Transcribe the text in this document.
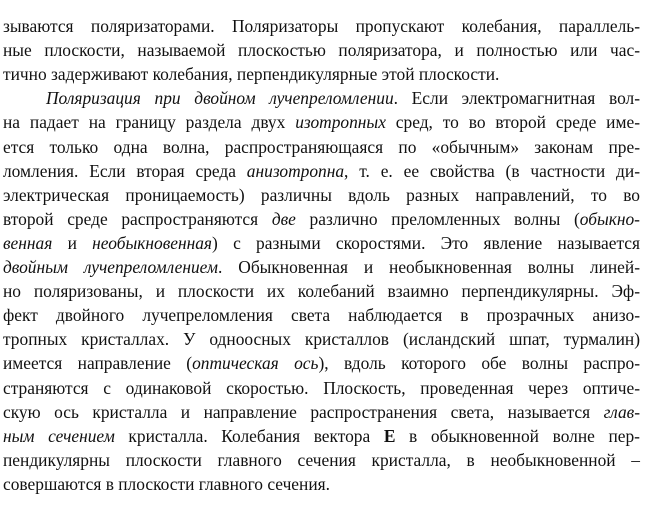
зываются поляризаторами. Поляризаторы пропускают колебания, параллель-
ные плоскости, называемой плоскостью поляризатора, и полностью или час-
тично задерживают колебания, перпендикулярные этой плоскости.
Поляризация при двойном лучепреломлении. Если электромагнитная вол-
на падает на границу раздела двух изотропных сред, то во второй среде име-
ется только одна волна, распространяющаяся по «обычным» законам пре-
ломления. Если вторая среда анизотропна, т. е. ее свойства (в частности ди-
электрическая проницаемость) различны вдоль разных направлений, то во
второй среде распространяются две различно преломленных волны (обыкно-
венная и необыкновенная) с разными скоростями. Это явление называется
двойным лучепреломлением. Обыкновенная и необыкновенная волны линей-
но поляризованы, и плоскости их колебаний взаимно перпендикулярны. Эф-
фект двойного лучепреломления света наблюдается в прозрачных анизо-
тропных кристаллах. У одноосных кристаллов (исландский шпат, турмалин)
имеется направление (оптическая ось), вдоль которого обе волны распро-
страняются с одинаковой скоростью. Плоскость, проведенная через оптиче-
скую ось кристалла и направление распространения света, называется глав-
ным сечением кристалла. Колебания вектора E в обыкновенной волне пер-
пендикулярны плоскости главного сечения кристалла, в необыкновенной –
совершаются в плоскости главного сечения.
